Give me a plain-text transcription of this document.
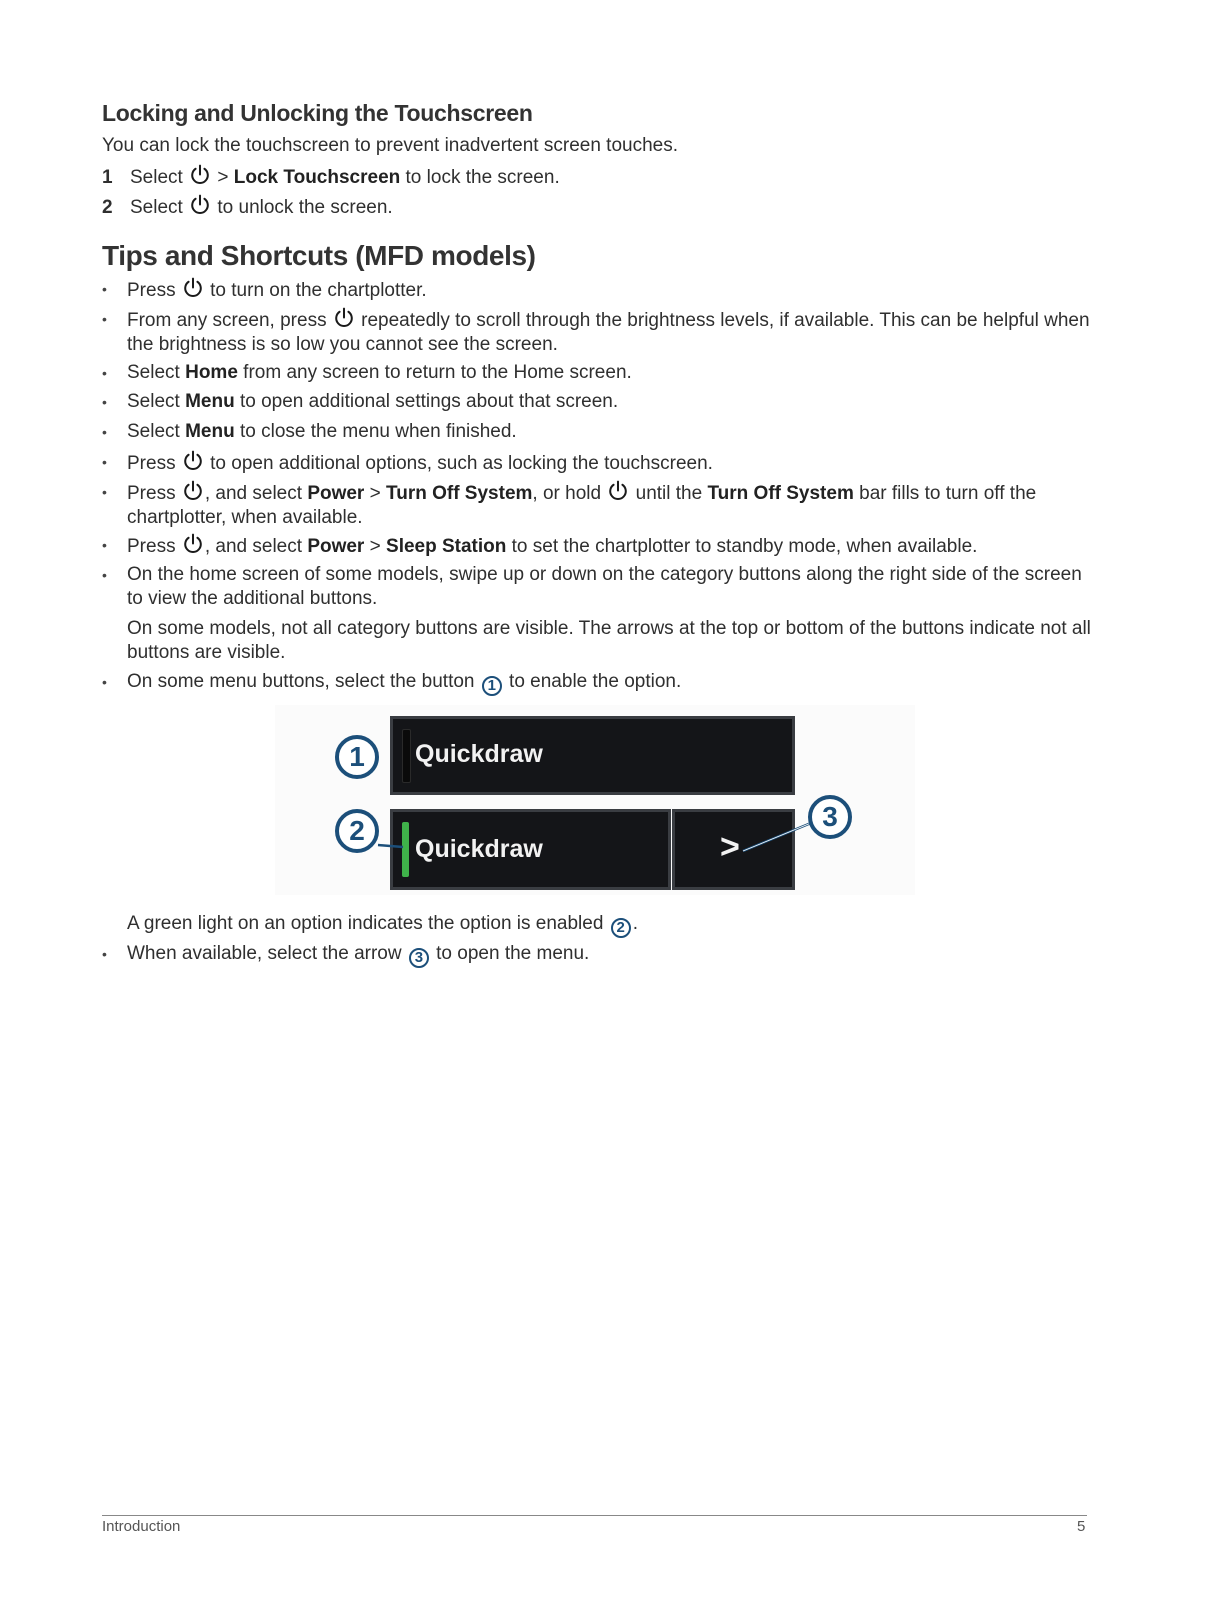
Locking and Unlocking the Touchscreen
You can lock the touchscreen to prevent inadvertent screen touches.
1 Select > Lock Touchscreen to lock the screen.
2 Select to unlock the screen.
Tips and Shortcuts (MFD models)
• Press to turn on the chartplotter.
• From any screen, press repeatedly to scroll through the brightness levels, if available. This can be helpful when the brightness is so low you cannot see the screen.
• Select Home from any screen to return to the Home screen.
• Select Menu to open additional settings about that screen.
• Select Menu to close the menu when finished.
• Press to open additional options, such as locking the touchscreen.
• Press , and select Power > Turn Off System, or hold until the Turn Off System bar fills to turn off the chartplotter, when available.
• Press , and select Power > Sleep Station to set the chartplotter to standby mode, when available.
• On the home screen of some models, swipe up or down on the category buttons along the right side of the screen to view the additional buttons.
On some models, not all category buttons are visible. The arrows at the top or bottom of the buttons indicate not all buttons are visible.
• On some menu buttons, select the button 1 to enable the option.
A green light on an option indicates the option is enabled 2 .
• When available, select the arrow 3 to open the menu.
Quickdraw
Quickdraw	>
1
2	3
Introduction	5
